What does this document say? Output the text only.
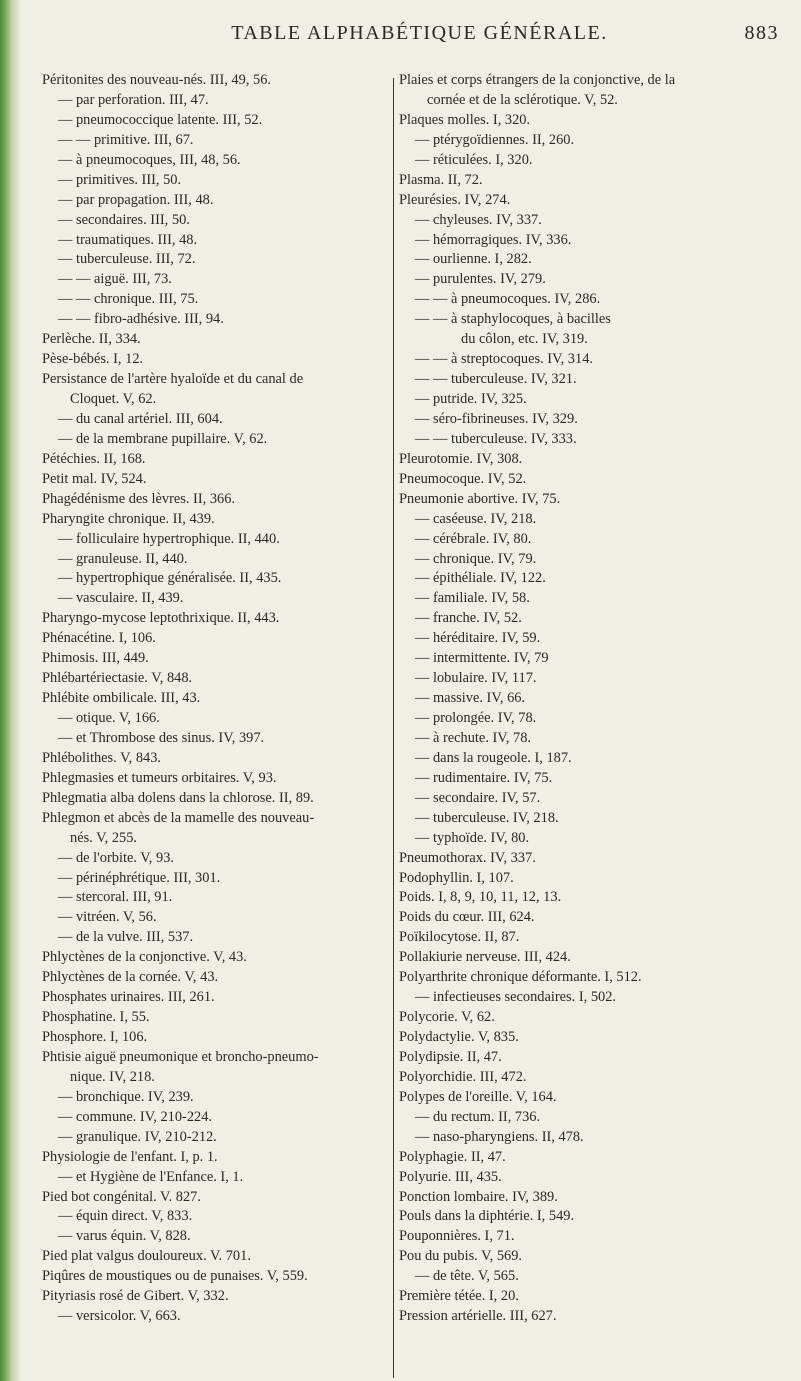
TABLE ALPHABÉTIQUE GÉNÉRALE.	883
Péritonites des nouveau-nés. III, 49, 56.
— par perforation. III, 47.
— pneumococcique latente. III, 52.
— — primitive. III, 67.
— à pneumocoques, III, 48, 56.
— primitives. III, 50.
— par propagation. III, 48.
— secondaires. III, 50.
— traumatiques. III, 48.
— tuberculeuse. III, 72.
— — aiguë. III, 73.
— — chronique. III, 75.
— — fibro-adhésive. III, 94.
Perlèche. II, 334.
Pèse-bébés. I, 12.
Persistance de l'artère hyaloïde et du canal de
Cloquet. V, 62.
— du canal artériel. III, 604.
— de la membrane pupillaire. V, 62.
Pétéchies. II, 168.
Petit mal. IV, 524.
Phagédénisme des lèvres. II, 366.
Pharyngite chronique. II, 439.
— folliculaire hypertrophique. II, 440.
— granuleuse. II, 440.
— hypertrophique généralisée. II, 435.
— vasculaire. II, 439.
Pharyngo-mycose leptothrixique. II, 443.
Phénacétine. I, 106.
Phimosis. III, 449.
Phlébartériectasie. V, 848.
Phlébite ombilicale. III, 43.
— otique. V, 166.
— et Thrombose des sinus. IV, 397.
Phlébolithes. V, 843.
Phlegmasies et tumeurs orbitaires. V, 93.
Phlegmatia alba dolens dans la chlorose. II, 89.
Phlegmon et abcès de la mamelle des nouveau-
nés. V, 255.
— de l'orbite. V, 93.
— périnéphrétique. III, 301.
— stercoral. III, 91.
— vitréen. V, 56.
— de la vulve. III, 537.
Phlyctènes de la conjonctive. V, 43.
Phlyctènes de la cornée. V, 43.
Phosphates urinaires. III, 261.
Phosphatine. I, 55.
Phosphore. I, 106.
Phtisie aiguë pneumonique et broncho-pneumo-
nique. IV, 218.
— bronchique. IV, 239.
— commune. IV, 210-224.
— granulique. IV, 210-212.
Physiologie de l'enfant. I, p. 1.
— et Hygiène de l'Enfance. I, 1.
Pied bot congénital. V. 827.
— équin direct. V, 833.
— varus équin. V, 828.
Pied plat valgus douloureux. V. 701.
Piqûres de moustiques ou de punaises. V, 559.
Pityriasis rosé de Gibert. V, 332.
— versicolor. V, 663.
Plaies et corps étrangers de la conjonctive, de la
cornée et de la sclérotique. V, 52.
Plaques molles. I, 320.
— ptérygoïdiennes. II, 260.
— réticulées. I, 320.
Plasma. II, 72.
Pleurésies. IV, 274.
— chyleuses. IV, 337.
— hémorragiques. IV, 336.
— ourlienne. I, 282.
— purulentes. IV, 279.
— — à pneumocoques. IV, 286.
— — à staphylocoques, à bacilles
du côlon, etc. IV, 319.
— — à streptocoques. IV, 314.
— — tuberculeuse. IV, 321.
— putride. IV, 325.
— séro-fibrineuses. IV, 329.
— — tuberculeuse. IV, 333.
Pleurotomie. IV, 308.
Pneumocoque. IV, 52.
Pneumonie abortive. IV, 75.
— caséeuse. IV, 218.
— cérébrale. IV, 80.
— chronique. IV, 79.
— épithéliale. IV, 122.
— familiale. IV, 58.
— franche. IV, 52.
— héréditaire. IV, 59.
— intermittente. IV, 79
— lobulaire. IV, 117.
— massive. IV, 66.
— prolongée. IV, 78.
— à rechute. IV, 78.
— dans la rougeole. I, 187.
— rudimentaire. IV, 75.
— secondaire. IV, 57.
— tuberculeuse. IV, 218.
— typhoïde. IV, 80.
Pneumothorax. IV, 337.
Podophyllin. I, 107.
Poids. I, 8, 9, 10, 11, 12, 13.
Poids du cœur. III, 624.
Poïkilocytose. II, 87.
Pollakiurie nerveuse. III, 424.
Polyarthrite chronique déformante. I, 512.
— infectieuses secondaires. I, 502.
Polycorie. V, 62.
Polydactylie. V, 835.
Polydipsie. II, 47.
Polyorchidie. III, 472.
Polypes de l'oreille. V, 164.
— du rectum. II, 736.
— naso-pharyngiens. II, 478.
Polyphagie. II, 47.
Polyurie. III, 435.
Ponction lombaire. IV, 389.
Pouls dans la diphtérie. I, 549.
Pouponnières. I, 71.
Pou du pubis. V, 569.
— de tête. V, 565.
Première tétée. I, 20.
Pression artérielle. III, 627.
